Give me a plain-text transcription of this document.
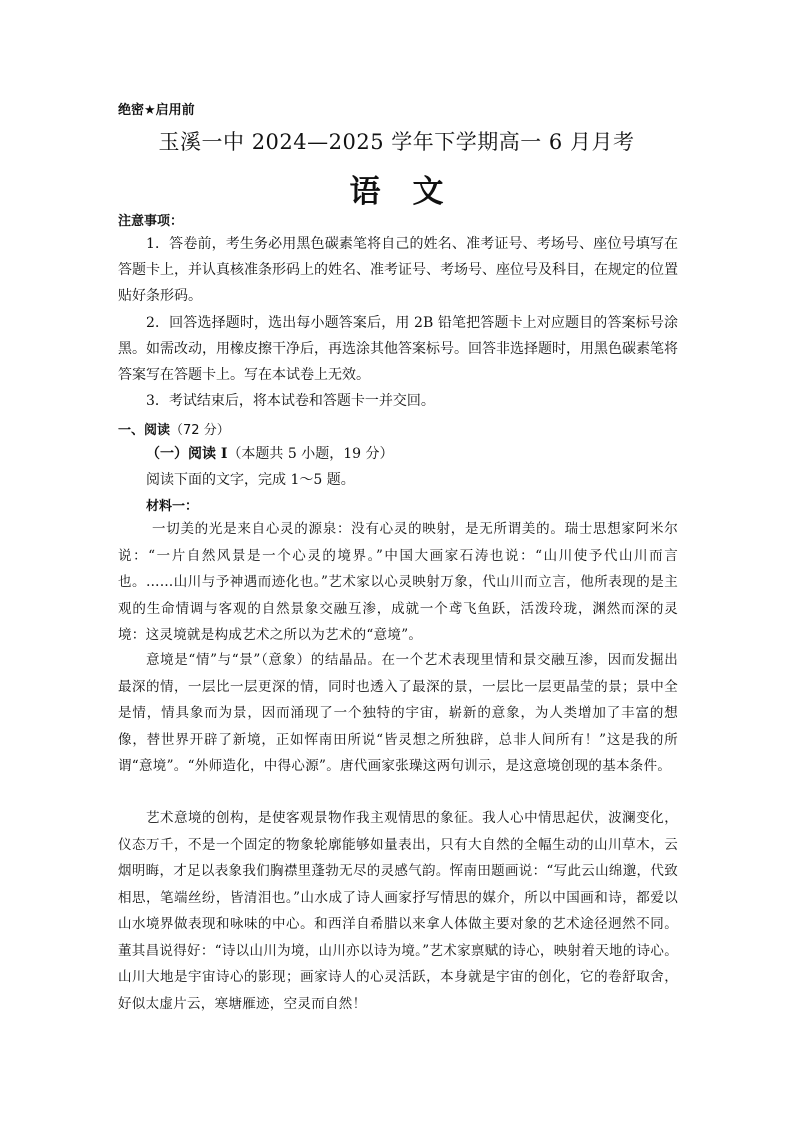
绝密★启用前
玉溪一中 2024—2025 学年下学期高一 6 月月考
语文
注意事项：
1．答卷前，考生务必用黑色碳素笔将自己的姓名、准考证号、考场号、座位号填写在答题卡上，并认真核准条形码上的姓名、准考证号、考场号、座位号及科目，在规定的位置贴好条形码。
2．回答选择题时，选出每小题答案后，用 2B 铅笔把答题卡上对应题目的答案标号涂黑。如需改动，用橡皮擦干净后，再选涂其他答案标号。回答非选择题时，用黑色碳素笔将答案写在答题卡上。写在本试卷上无效。
3．考试结束后，将本试卷和答题卡一并交回。
一、阅读（72 分）
（一）阅读 I（本题共 5 小题，19 分）
阅读下面的文字，完成 1～5 题。
材料一：
一切美的光是来自心灵的源泉：没有心灵的映射，是无所谓美的。瑞士思想家阿米尔说：“一片自然风景是一个心灵的境界。”中国大画家石涛也说：“山川使予代山川而言也。……山川与予神遇而迹化也。”艺术家以心灵映射万象，代山川而立言，他所表现的是主观的生命情调与客观的自然景象交融互渗，成就一个鸢飞鱼跃，活泼玲珑，渊然而深的灵境：这灵境就是构成艺术之所以为艺术的“意境”。
意境是“情”与“景”（意象）的结晶品。在一个艺术表现里情和景交融互渗，因而发掘出最深的情，一层比一层更深的情，同时也透入了最深的景，一层比一层更晶莹的景；景中全是情，情具象而为景，因而涌现了一个独特的宇宙，崭新的意象，为人类增加了丰富的想像，替世界开辟了新境，正如恽南田所说“皆灵想之所独辟，总非人间所有！”这是我的所谓“意境”。“外师造化，中得心源”。唐代画家张璪这两句训示，是这意境创现的基本条件。
艺术意境的创构，是使客观景物作我主观情思的象征。我人心中情思起伏，波澜变化，仪态万千，不是一个固定的物象轮廓能够如量表出，只有大自然的全幅生动的山川草木，云烟明晦，才足以表象我们胸襟里蓬勃无尽的灵感气韵。恽南田题画说：“写此云山绵邈，代致相思，笔端丝纷，皆清泪也。”山水成了诗人画家抒写情思的媒介，所以中国画和诗，都爱以山水境界做表现和咏味的中心。和西洋自希腊以来拿人体做主要对象的艺术途径迥然不同。董其昌说得好：“诗以山川为境，山川亦以诗为境。”艺术家禀赋的诗心，映射着天地的诗心。山川大地是宇宙诗心的影现；画家诗人的心灵活跃，本身就是宇宙的创化，它的卷舒取舍，好似太虚片云，寒塘雁迹，空灵而自然！
